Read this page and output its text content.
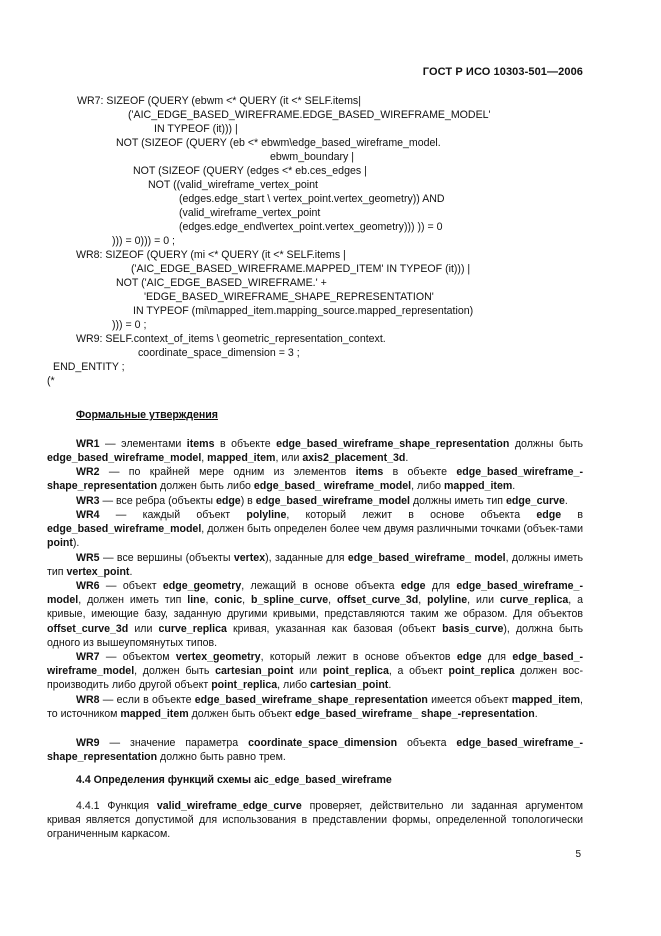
ГОСТ Р ИСО 10303-501—2006
WR7: SIZEOF (QUERY (ebwm <* QUERY (it <* SELF.items|
('AIC_EDGE_BASED_WIREFRAME.EDGE_BASED_WIREFRAME_MODEL'
IN TYPEOF (it))) |
NOT (SIZEOF (QUERY (eb <* ebwm\edge_based_wireframe_model.
ebwm_boundary |
NOT (SIZEOF (QUERY (edges <* eb.ces_edges |
NOT ((valid_wireframe_vertex_point
(edges.edge_start \ vertex_point.vertex_geometry)) AND
(valid_wireframe_vertex_point
(edges.edge_end\vertex_point.vertex_geometry))) )) = 0
))) = 0))) = 0 ;
WR8: SIZEOF (QUERY (mi <* QUERY (it <* SELF.items |
('AIC_EDGE_BASED_WIREFRAME.MAPPED_ITEM' IN TYPEOF (it))) |
NOT ('AIC_EDGE_BASED_WIREFRAME.' +
'EDGE_BASED_WIREFRAME_SHAPE_REPRESENTATION'
IN TYPEOF (mi\mapped_item.mapping_source.mapped_representation)
))) = 0 ;
WR9: SELF.context_of_items \ geometric_representation_context.
coordinate_space_dimension = 3 ;
END_ENTITY ;
(*
Формальные утверждения
WR1 — элементами items в объекте edge_based_wireframe_shape_representation должны быть edge_based_wireframe_model, mapped_item, или axis2_placement_3d.
WR2 — по крайней мере одним из элементов items в объекте edge_based_wireframe_-shape_representation должен быть либо edge_based_ wireframe_model, либо mapped_item.
WR3 — все ребра (объекты edge) в edge_based_wireframe_model должны иметь тип edge_curve.
WR4 — каждый объект polyline, который лежит в основе объекта edge в edge_based_wireframe_model, должен быть определен более чем двумя различными точками (объек-тами point).
WR5 — все вершины (объекты vertex), заданные для edge_based_wireframe_ model, должны иметь тип vertex_point.
WR6 — объект edge_geometry, лежащий в основе объекта edge для edge_based_wireframe_-model, должен иметь тип line, conic, b_spline_curve, offset_curve_3d, polyline, или curve_replica, а кривые, имеющие базу, заданную другими кривыми, представляются таким же образом. Для объектов offset_curve_3d или curve_replica кривая, указанная как базовая (объект basis_curve), должна быть одного из вышеупомянутых типов.
WR7 — объектом vertex_geometry, который лежит в основе объектов edge для edge_based_-wireframe_model, должен быть cartesian_point или point_replica, а объект point_replica должен вос-производить либо другой объект point_replica, либо cartesian_point.
WR8 — если в объекте edge_based_wireframe_shape_representation имеется объект mapped_item, то источником mapped_item должен быть объект edge_based_wireframe_ shape_-representation.
WR9 — значение параметра coordinate_space_dimension объекта edge_based_wireframe_-shape_representation должно быть равно трем.
4.4 Определения функций схемы aic_edge_based_wireframe
4.4.1 Функция valid_wireframe_edge_curve проверяет, действительно ли заданная аргументом кривая является допустимой для использования в представлении формы, определенной топологически ограниченным каркасом.
5
